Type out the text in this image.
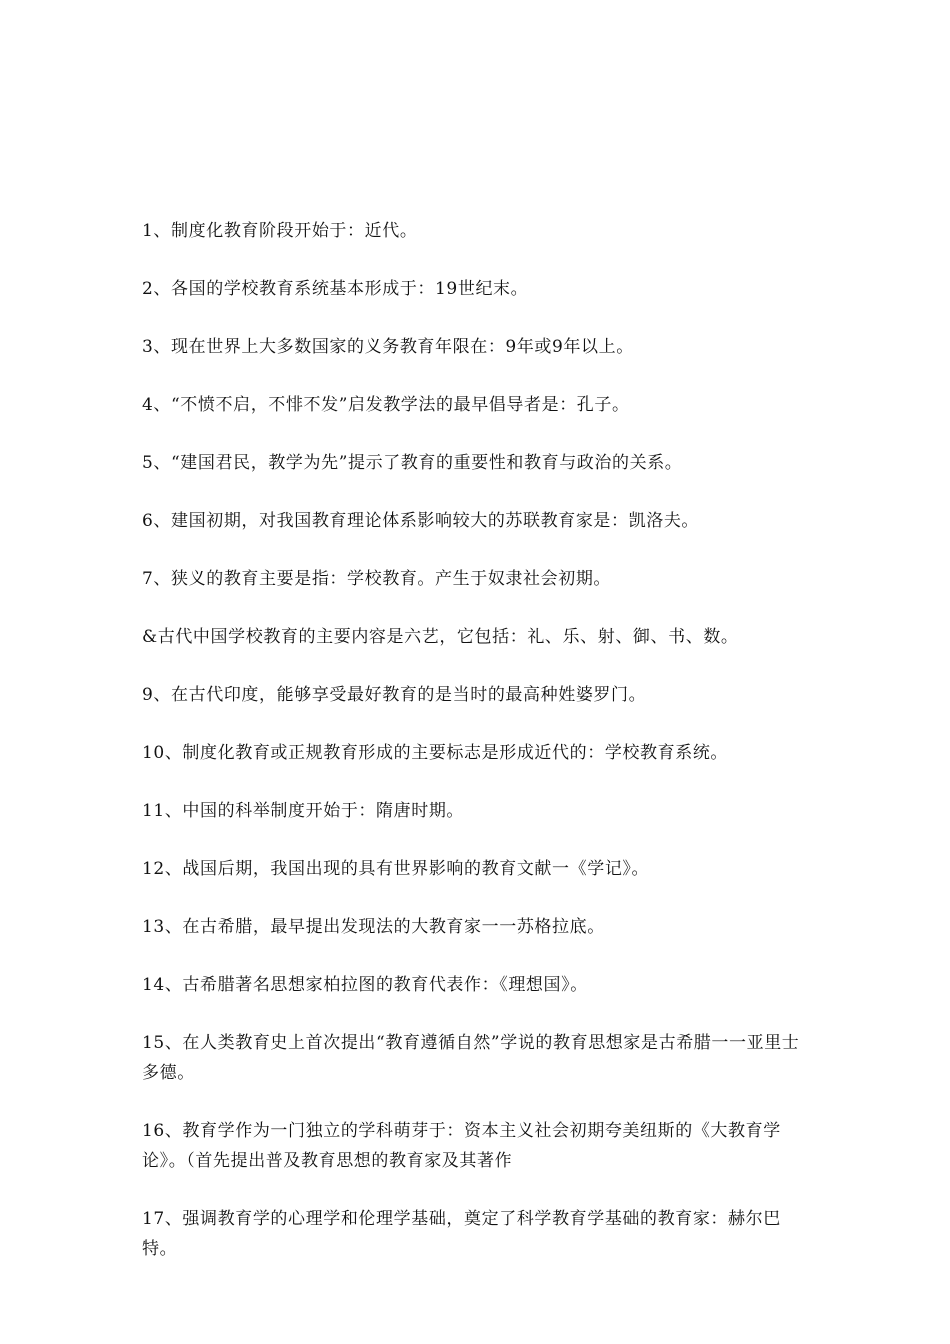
1、制度化教育阶段开始于：近代。

2、各国的学校教育系统基本形成于：19世纪末。

3、现在世界上大多数国家的义务教育年限在：9年或9年以上。

4、“不愤不启，不悱不发”启发教学法的最早倡导者是：孔子。

5、“建国君民，教学为先”提示了教育的重要性和教育与政治的关系。

6、建国初期，对我国教育理论体系影响较大的苏联教育家是：凯洛夫。

7、狭义的教育主要是指：学校教育。产生于奴隶社会初期。

&古代中国学校教育的主要内容是六艺，它包括：礼、乐、射、御、书、数。

9、在古代印度，能够享受最好教育的是当时的最高种姓婆罗门。

10、制度化教育或正规教育形成的主要标志是形成近代的：学校教育系统。

11、中国的科举制度开始于：隋唐时期。

12、战国后期，我国出现的具有世界影响的教育文献一《学记》。

13、在古希腊，最早提出发现法的大教育家一一苏格拉底。

14、古希腊著名思想家柏拉图的教育代表作：《理想国》。

15、在人类教育史上首次提出“教育遵循自然”学说的教育思想家是古希腊一一亚里士多德。

16、教育学作为一门独立的学科萌芽于：资本主义社会初期夸美纽斯的《大教育学论》。（首先提出普及教育思想的教育家及其著作

17、强调教育学的心理学和伦理学基础，奠定了科学教育学基础的教育家：赫尔巴特。
